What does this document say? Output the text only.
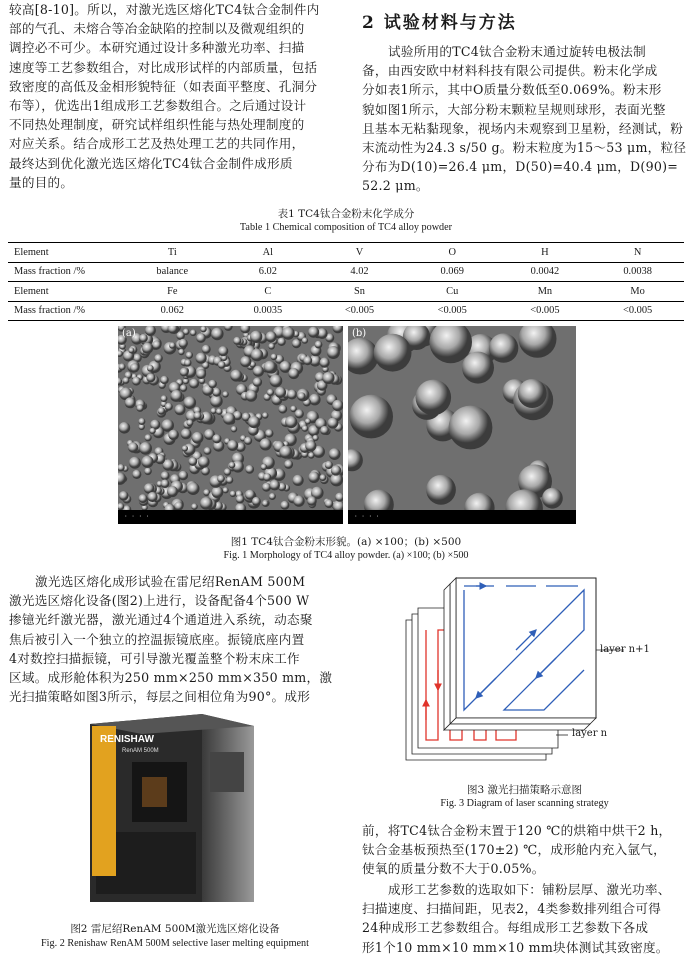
较高[8-10]。所以，对激光选区熔化TC4钛合金制件内

部的气孔、未熔合等冶金缺陷的控制以及微观组织的

调控必不可少。本研究通过设计多种激光功率、扫描

速度等工艺参数组合，对比成形试样的内部质量，包括

致密度的高低及金相形貌特征（如表面平整度、孔洞分

布等），优选出1组成形工艺参数组合。之后通过设计

不同热处理制度，研究试样组织性能与热处理制度的

对应关系。结合成形工艺及热处理工艺的共同作用，

最终达到优化激光选区熔化TC4钛合金制件成形质

量的目的。

2 试验材料与方法

试验所用的TC4钛合金粉末通过旋转电极法制

备，由西安欧中材料科技有限公司提供。粉末化学成

分如表1所示，其中O质量分数低至0.069%。粉末形

貌如图1所示，大部分粉末颗粒呈规则球形，表面光整

且基本无粘黏现象，视场内未观察到卫星粉，经测试，粉

末流动性为24.3 s/50 g。粉末粒度为15～53 μm，粒径

分布为D(10)=26.4 μm，D(50)=40.4 μm，D(90)=

52.2 μm。

表1 TC4钛合金粉末化学成分
Table 1 Chemical composition of TC4 alloy powder
Element	Ti	Al	V	O	H	N
Mass fraction /%	balance	6.02	4.02	0.069	0.0042	0.0038
Element	Fe	C	Sn	Cu	Mn	Mo
Mass fraction /%	0.062	0.0035	<0.005	<0.005	<0.005	<0.005
(a)
· · · ·
(b)
· · · ·
图1 TC4钛合金粉末形貌。(a) ×100；(b) ×500
Fig. 1 Morphology of TC4 alloy powder. (a) ×100; (b) ×500

激光选区熔化成形试验在雷尼绍RenAM 500M

激光选区熔化设备(图2)上进行，设备配备4个500 W

掺镱光纤激光器，激光通过4个通道进入系统，动态聚

焦后被引入一个独立的控温振镜底座。振镜底座内置

4对数控扫描振镜，可引导激光覆盖整个粉末床工作

区域。成形舱体积为250 mm×250 mm×350 mm，激

光扫描策略如图3所示，每层之间相位角为90°。成形

RENISHAW
RenAM 500M
图2 雷尼绍RenAM 500M激光选区熔化设备
Fig. 2 Renishaw RenAM 500M selective laser melting equipment
layer n+1
layer n
图3 激光扫描策略示意图
Fig. 3 Diagram of laser scanning strategy

前，将TC4钛合金粉末置于120 ℃的烘箱中烘干2 h，

钛合金基板预热至(170±2) ℃，成形舱内充入氩气，

使氧的质量分数不大于0.05%。

成形工艺参数的选取如下：铺粉层厚、激光功率、

扫描速度、扫描间距，见表2，4类参数排列组合可得

24种成形工艺参数组合。每组成形工艺参数下各成

形1个10 mm×10 mm×10 mm块体测试其致密度。
